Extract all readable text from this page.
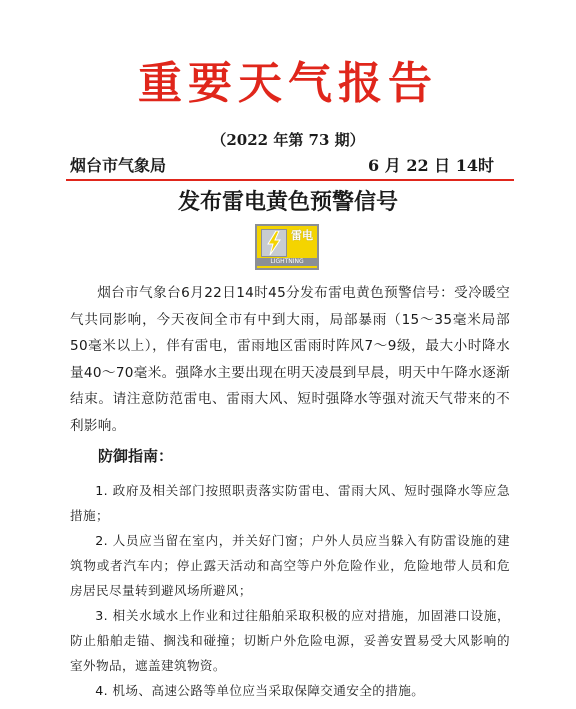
重要天气报告
（2022 年第 73 期）
烟台市气象局	6 月 22 日 14时
发布雷电黄色预警信号
雷电
LIGHTNING
烟台市气象台6月22日14时45分发布雷电黄色预警信号：受冷暖空气共同影响，今天夜间全市有中到大雨，局部暴雨（15～35毫米局部50毫米以上），伴有雷电，雷雨地区雷雨时阵风7～9级，最大小时降水量40～70毫米。强降水主要出现在明天凌晨到早晨，明天中午降水逐渐结束。请注意防范雷电、雷雨大风、短时强降水等强对流天气带来的不利影响。
防御指南：
1. 政府及相关部门按照职责落实防雷电、雷雨大风、短时强降水等应急措施；
2. 人员应当留在室内，并关好门窗；户外人员应当躲入有防雷设施的建筑物或者汽车内；停止露天活动和高空等户外危险作业，危险地带人员和危房居民尽量转到避风场所避风；
3. 相关水域水上作业和过往船舶采取积极的应对措施，加固港口设施，防止船舶走锚、搁浅和碰撞；切断户外危险电源，妥善安置易受大风影响的室外物品，遮盖建筑物资。
4. 机场、高速公路等单位应当采取保障交通安全的措施。
